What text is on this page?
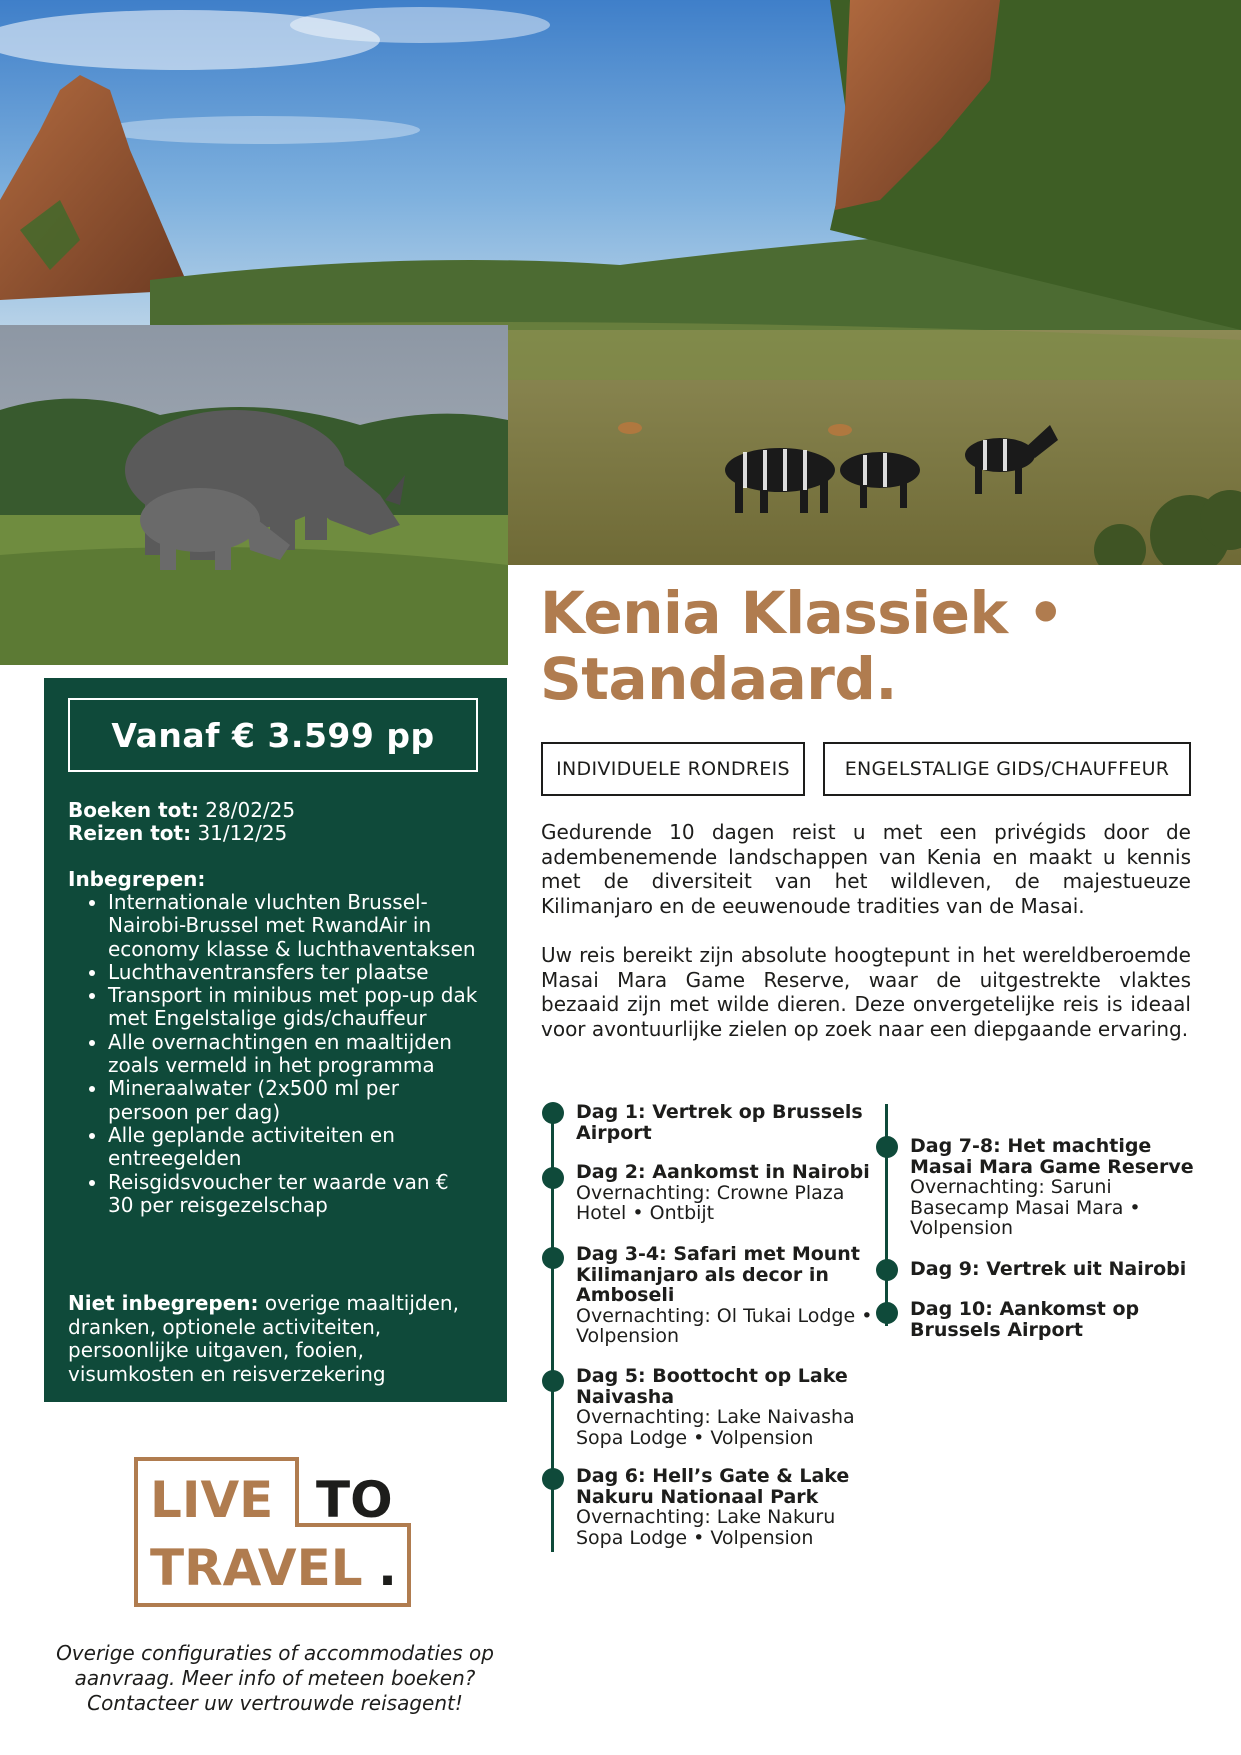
Vanaf € 3.599 pp
Boeken tot: 28/02/25
Reizen tot: 31/12/25
Inbegrepen:
• Internationale vluchten Brussel-Nairobi-Brussel met RwandAir in economy klasse & luchthaventaksen
• Luchthaventransfers ter plaatse
• Transport in minibus met pop-up dak met Engelstalige gids/chauffeur
• Alle overnachtingen en maaltijden zoals vermeld in het programma
• Mineraalwater (2x500 ml per persoon per dag)
• Alle geplande activiteiten en entreegelden
• Reisgidsvoucher ter waarde van € 30 per reisgezelschap
Niet inbegrepen: overige maaltijden, dranken, optionele activiteiten, persoonlijke uitgaven, fooien, visumkosten en reisverzekering
LIVE TO
TRAVEL .
Overige configuraties of accommodaties op aanvraag. Meer info of meteen boeken? Contacteer uw vertrouwde reisagent!
Kenia Klassiek • Standaard.
INDIVIDUELE RONDREIS	ENGELSTALIGE GIDS/CHAUFFEUR
Gedurende 10 dagen reist u met een privégids door de adembenemende landschappen van Kenia en maakt u kennis met de diversiteit van het wildleven, de majestueuze Kilimanjaro en de eeuwenoude tradities van de Masai.
Uw reis bereikt zijn absolute hoogtepunt in het wereldberoemde Masai Mara Game Reserve, waar de uitgestrekte vlaktes bezaaid zijn met wilde dieren. Deze onvergetelijke reis is ideaal voor avontuurlijke zielen op zoek naar een diepgaande ervaring.
Dag 1: Vertrek op Brussels Airport
Dag 2: Aankomst in Nairobi
Overnachting: Crowne Plaza Hotel • Ontbijt
Dag 3-4: Safari met Mount Kilimanjaro als decor in Amboseli
Overnachting: Ol Tukai Lodge • Volpension
Dag 5: Boottocht op Lake Naivasha
Overnachting: Lake Naivasha Sopa Lodge • Volpension
Dag 6: Hell’s Gate & Lake Nakuru Nationaal Park
Overnachting: Lake Nakuru Sopa Lodge • Volpension
Dag 7-8: Het machtige Masai Mara Game Reserve
Overnachting: Saruni Basecamp Masai Mara • Volpension
Dag 9: Vertrek uit Nairobi
Dag 10: Aankomst op Brussels Airport
